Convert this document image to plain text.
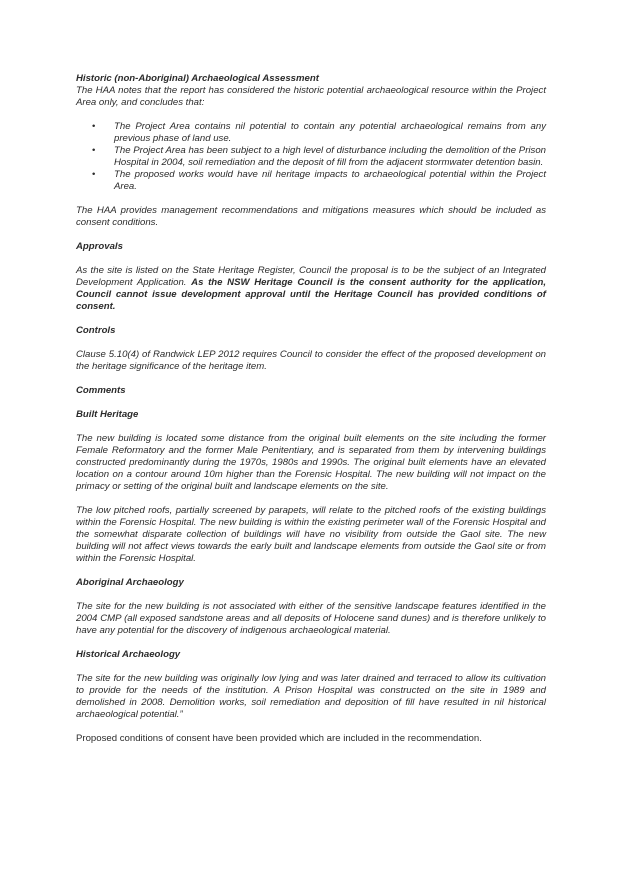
Historic (non-Aboriginal) Archaeological Assessment

The HAA notes that the report has considered the historic potential archaeological resource within the Project Area only, and concludes that:

• The Project Area contains nil potential to contain any potential archaeological remains from any previous phase of land use.
• The Project Area has been subject to a high level of disturbance including the demolition of the Prison Hospital in 2004, soil remediation and the deposit of fill from the adjacent stormwater detention basin.
• The proposed works would have nil heritage impacts to archaeological potential within the Project Area.

The HAA provides management recommendations and mitigations measures which should be included as consent conditions.

Approvals

As the site is listed on the State Heritage Register, Council the proposal is to be the subject of an Integrated Development Application. As the NSW Heritage Council is the consent authority for the application, Council cannot issue development approval until the Heritage Council has provided conditions of consent.

Controls

Clause 5.10(4) of Randwick LEP 2012 requires Council to consider the effect of the proposed development on the heritage significance of the heritage item.

Comments

Built Heritage

The new building is located some distance from the original built elements on the site including the former Female Reformatory and the former Male Penitentiary, and is separated from them by intervening buildings constructed predominantly during the 1970s, 1980s and 1990s. The original built elements have an elevated location on a contour around 10m higher than the Forensic Hospital. The new building will not impact on the primacy or setting of the original built and landscape elements on the site.

The low pitched roofs, partially screened by parapets, will relate to the pitched roofs of the existing buildings within the Forensic Hospital. The new building is within the existing perimeter wall of the Forensic Hospital and the somewhat disparate collection of buildings will have no visibility from outside the Gaol site. The new building will not affect views towards the early built and landscape elements from outside the Gaol site or from within the Forensic Hospital.

Aboriginal Archaeology

The site for the new building is not associated with either of the sensitive landscape features identified in the 2004 CMP (all exposed sandstone areas and all deposits of Holocene sand dunes) and is therefore unlikely to have any potential for the discovery of indigenous archaeological material.

Historical Archaeology

The site for the new building was originally low lying and was later drained and terraced to allow its cultivation to provide for the needs of the institution. A Prison Hospital was constructed on the site in 1989 and demolished in 2008. Demolition works, soil remediation and deposition of fill have resulted in nil historical archaeological potential.”

Proposed conditions of consent have been provided which are included in the recommendation.
